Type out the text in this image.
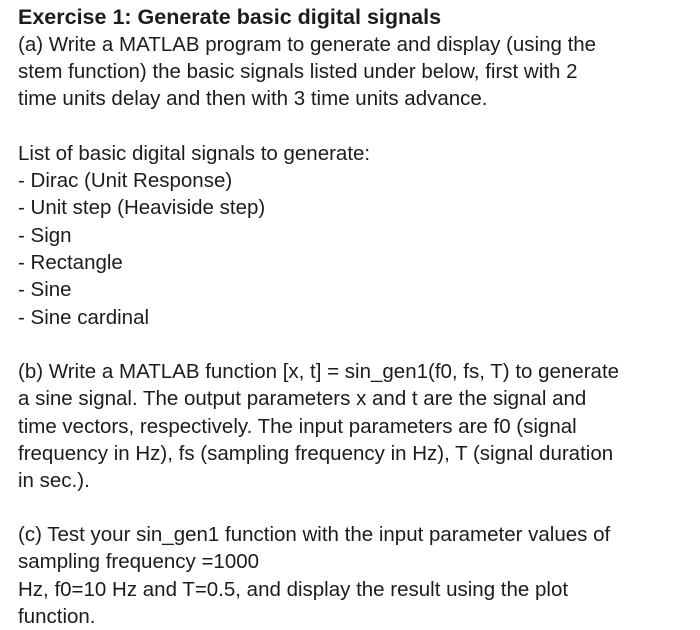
Exercise 1: Generate basic digital signals

(a) Write a MATLAB program to generate and display (using the

stem function) the basic signals listed under below, first with 2

time units delay and then with 3 time units advance.

List of basic digital signals to generate:

- Dirac (Unit Response)
- Unit step (Heaviside step)
- Sign
- Rectangle
- Sine
- Sine cardinal

(b) Write a MATLAB function [x, t] = sin_gen1(f0, fs, T) to generate

a sine signal. The output parameters x and t are the signal and

time vectors, respectively. The input parameters are f0 (signal

frequency in Hz), fs (sampling frequency in Hz), T (signal duration

in sec.).

(c) Test your sin_gen1 function with the input parameter values of

sampling frequency =1000

Hz, f0=10 Hz and T=0.5, and display the result using the plot

function.
